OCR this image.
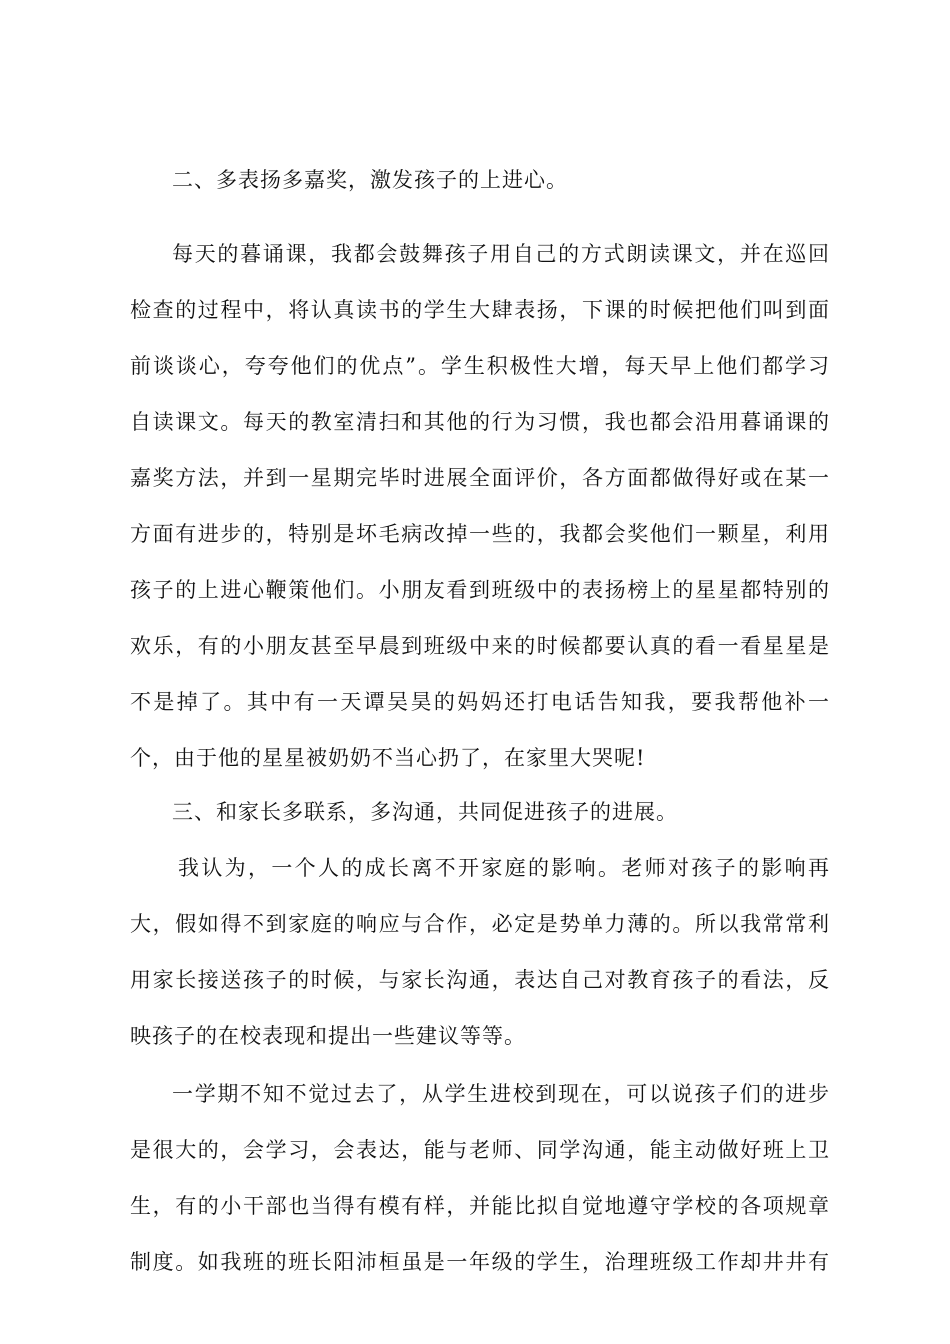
二、多表扬多嘉奖，激发孩子的上进心。
每天的暮诵课，我都会鼓舞孩子用自己的方式朗读课文，并在巡回
检查的过程中，将认真读书的学生大肆表扬，下课的时候把他们叫到面
前谈谈心，夸夸他们的优点”。学生积极性大增，每天早上他们都学习
自读课文。每天的教室清扫和其他的行为习惯，我也都会沿用暮诵课的
嘉奖方法，并到一星期完毕时进展全面评价，各方面都做得好或在某一
方面有进步的，特别是坏毛病改掉一些的，我都会奖他们一颗星，利用
孩子的上进心鞭策他们。小朋友看到班级中的表扬榜上的星星都特别的
欢乐，有的小朋友甚至早晨到班级中来的时候都要认真的看一看星星是
不是掉了。其中有一天谭吴昊的妈妈还打电话告知我，要我帮他补一
个，由于他的星星被奶奶不当心扔了，在家里大哭呢!
三、和家长多联系，多沟通，共同促进孩子的进展。
我认为，一个人的成长离不开家庭的影响。老师对孩子的影响再
大，假如得不到家庭的响应与合作，必定是势单力薄的。所以我常常利
用家长接送孩子的时候，与家长沟通，表达自己对教育孩子的看法，反
映孩子的在校表现和提出一些建议等等。
一学期不知不觉过去了，从学生进校到现在，可以说孩子们的进步
是很大的，会学习，会表达，能与老师、同学沟通，能主动做好班上卫
生，有的小干部也当得有模有样，并能比拟自觉地遵守学校的各项规章
制度。如我班的班长阳沛桓虽是一年级的学生，治理班级工作却井井有
